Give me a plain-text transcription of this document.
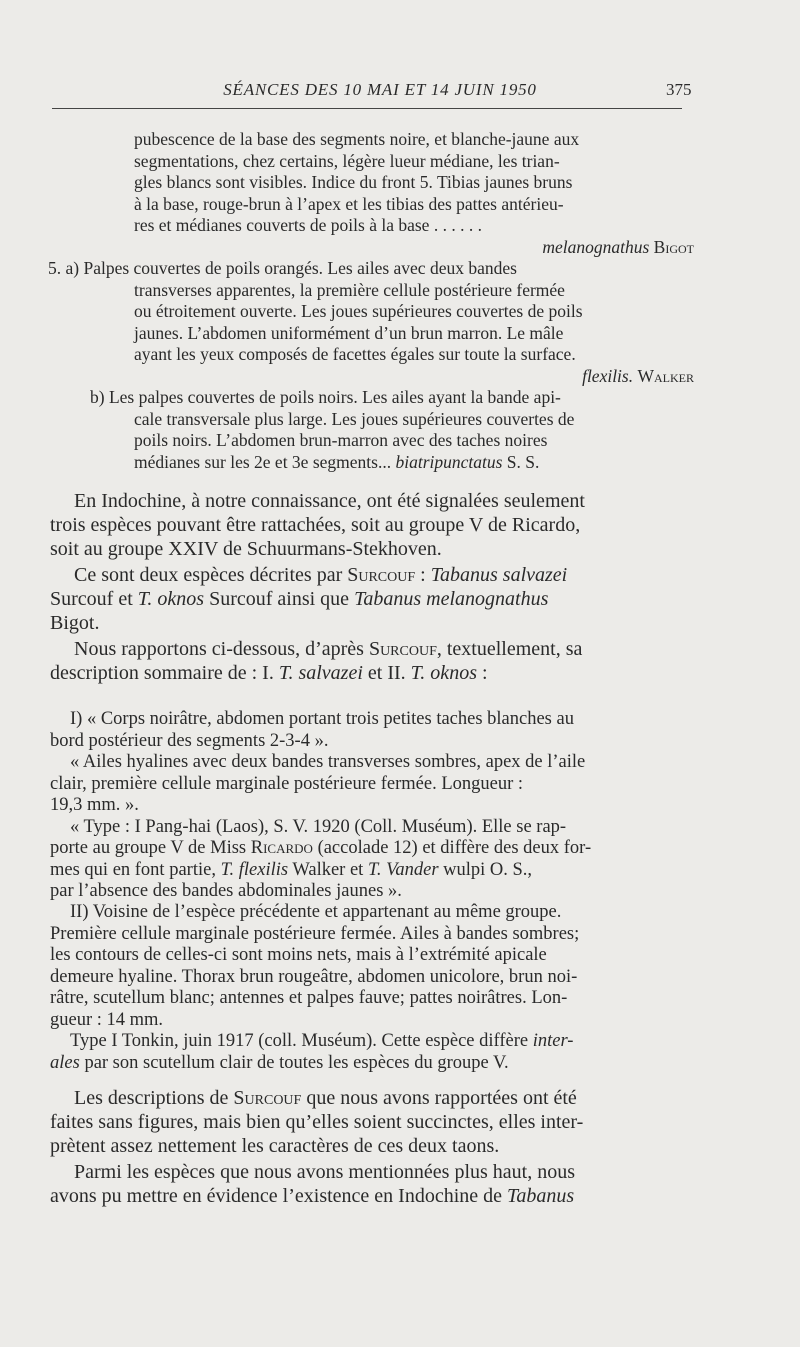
SÉANCES DES 10 MAI ET 14 JUIN 1950	375
pubescence de la base des segments noire, et blanche-jaune aux
segmentations, chez certains, légère lueur médiane, les trian-
gles blancs sont visibles. Indice du front 5. Tibias jaunes bruns
à la base, rouge-brun à l’apex et les tibias des pattes antérieu-
res et médianes couverts de poils à la base . . . . . .
melanognathus Bigot
5. a) Palpes couvertes de poils orangés. Les ailes avec deux bandes
transverses apparentes, la première cellule postérieure fermée
ou étroitement ouverte. Les joues supérieures couvertes de poils
jaunes. L’abdomen uniformément d’un brun marron. Le mâle
ayant les yeux composés de facettes égales sur toute la surface.
flexilis. Walker
b) Les palpes couvertes de poils noirs. Les ailes ayant la bande api-
cale transversale plus large. Les joues supérieures couvertes de
poils noirs. L’abdomen brun-marron avec des taches noires
médianes sur les 2e et 3e segments... biatripunctatus S. S.
En Indochine, à notre connaissance, ont été signalées seulement
trois espèces pouvant être rattachées, soit au groupe V de Ricardo,
soit au groupe XXIV de Schuurmans-Stekhoven.
Ce sont deux espèces décrites par Surcouf : Tabanus salvazei
Surcouf et T. oknos Surcouf ainsi que Tabanus melanognathus
Bigot.
Nous rapportons ci-dessous, d’après Surcouf, textuellement, sa
description sommaire de : I. T. salvazei et II. T. oknos :
I) « Corps noirâtre, abdomen portant trois petites taches blanches au
bord postérieur des segments 2-3-4 ».
« Ailes hyalines avec deux bandes transverses sombres, apex de l’aile
clair, première cellule marginale postérieure fermée. Longueur :
19,3 mm. ».
« Type : I Pang-hai (Laos), S. V. 1920 (Coll. Muséum). Elle se rap-
porte au groupe V de Miss Ricardo (accolade 12) et diffère des deux for-
mes qui en font partie, T. flexilis Walker et T. Vander wulpi O. S.,
par l’absence des bandes abdominales jaunes ».
II) Voisine de l’espèce précédente et appartenant au même groupe.
Première cellule marginale postérieure fermée. Ailes à bandes sombres;
les contours de celles-ci sont moins nets, mais à l’extrémité apicale
demeure hyaline. Thorax brun rougeâtre, abdomen unicolore, brun noi-
râtre, scutellum blanc; antennes et palpes fauve; pattes noirâtres. Lon-
gueur : 14 mm.
Type I Tonkin, juin 1917 (coll. Muséum). Cette espèce diffère inter-
ales par son scutellum clair de toutes les espèces du groupe V.
Les descriptions de Surcouf que nous avons rapportées ont été
faites sans figures, mais bien qu’elles soient succinctes, elles inter-
prètent assez nettement les caractères de ces deux taons.
Parmi les espèces que nous avons mentionnées plus haut, nous
avons pu mettre en évidence l’existence en Indochine de Tabanus
